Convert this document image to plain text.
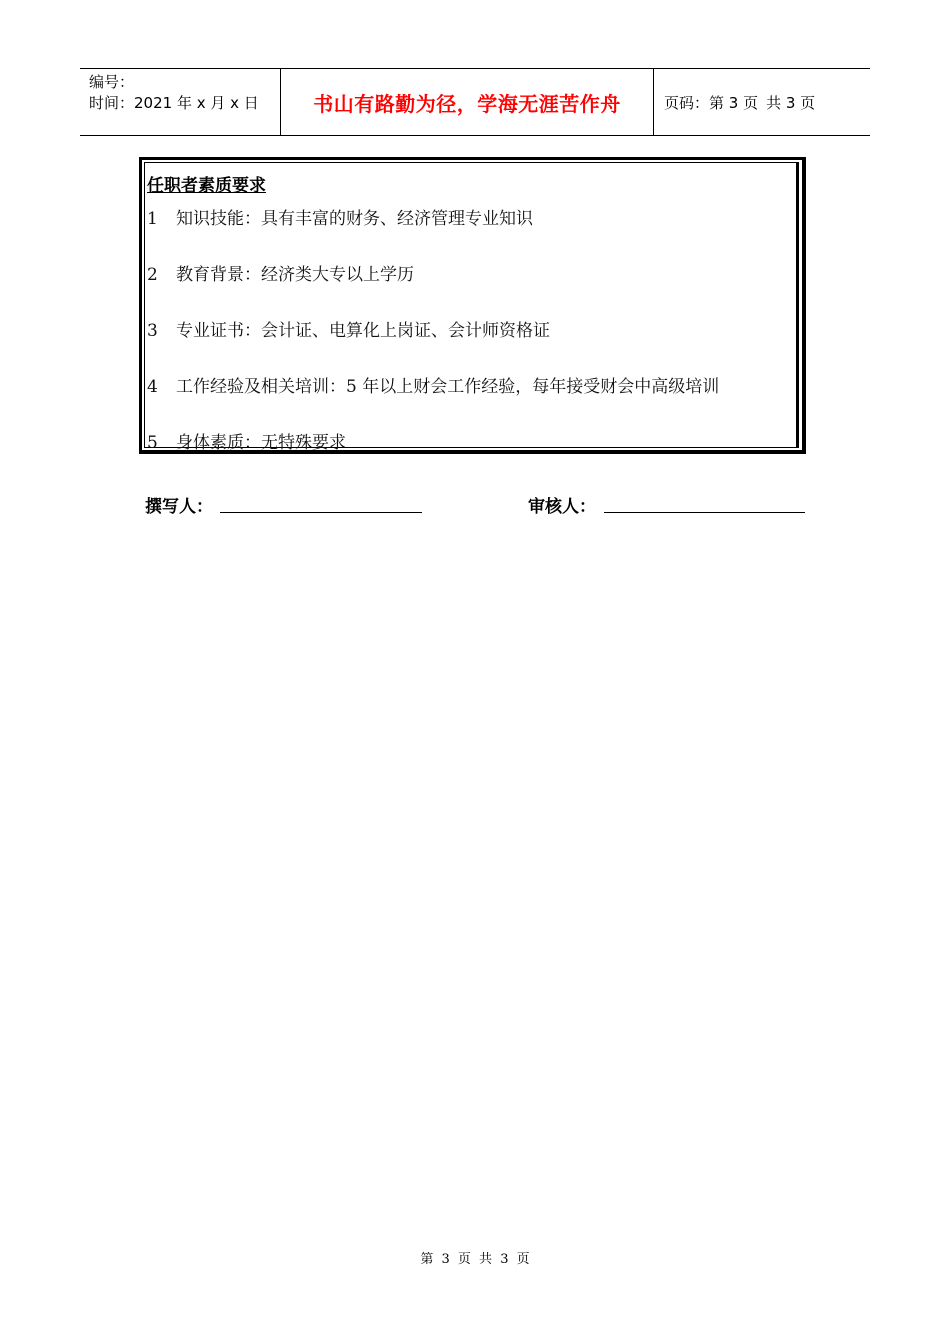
编号：
时间：2021 年 x 月 x 日	书山有路勤为径，学海无涯苦作舟	页码：第 3 页 共 3 页
任职者素质要求
1 知识技能：具有丰富的财务、经济管理专业知识
2 教育背景：经济类大专以上学历
3 专业证书：会计证、电算化上岗证、会计师资格证
4 工作经验及相关培训：5 年以上财会工作经验，每年接受财会中高级培训
5 身体素质：无特殊要求
撰写人：	审核人：
第 3 页 共 3 页
